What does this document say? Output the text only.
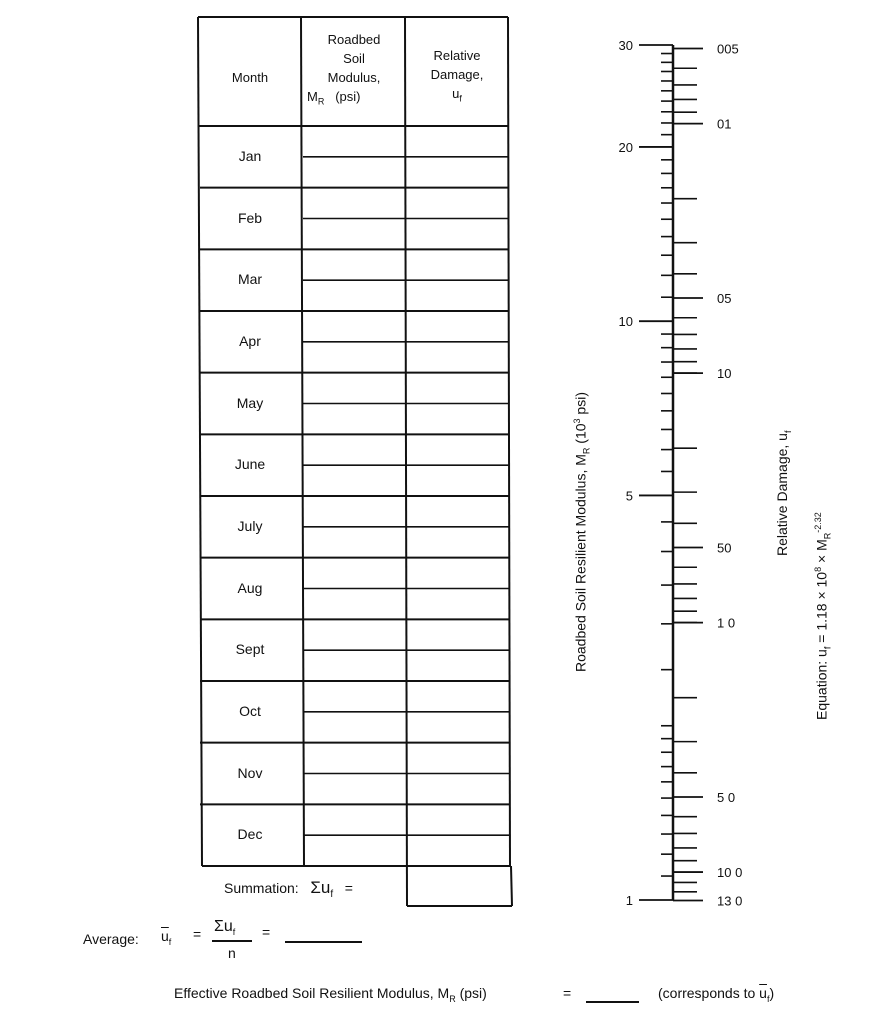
Month
Roadbed
Soil
Modulus,
$M_R$ (psi)
Relative
Damage,
$u_f$
Jan
Feb
Mar
Apr
May
June
July
Aug
Sept
Oct
Nov
Dec
Summation: $\Sigma u_f$ =
Average: $\overline{u}_f = \Sigma u_f$
n
=
Effective Roadbed Soil Resilient Modulus, $M_R$ (psi)	=	(corresponds to $\overline{u}_f$)
30
20
10
5
1
005
01
05
10
50
1 0
5 0
10 0
13 0
Roadbed Soil Resilient Modulus, $M_R$ ($10^3$ psi)
Relative Damage, $u_f$
Equation: $u_f = 1.18 \times 10^8 \times M_R^{-2.32}$
